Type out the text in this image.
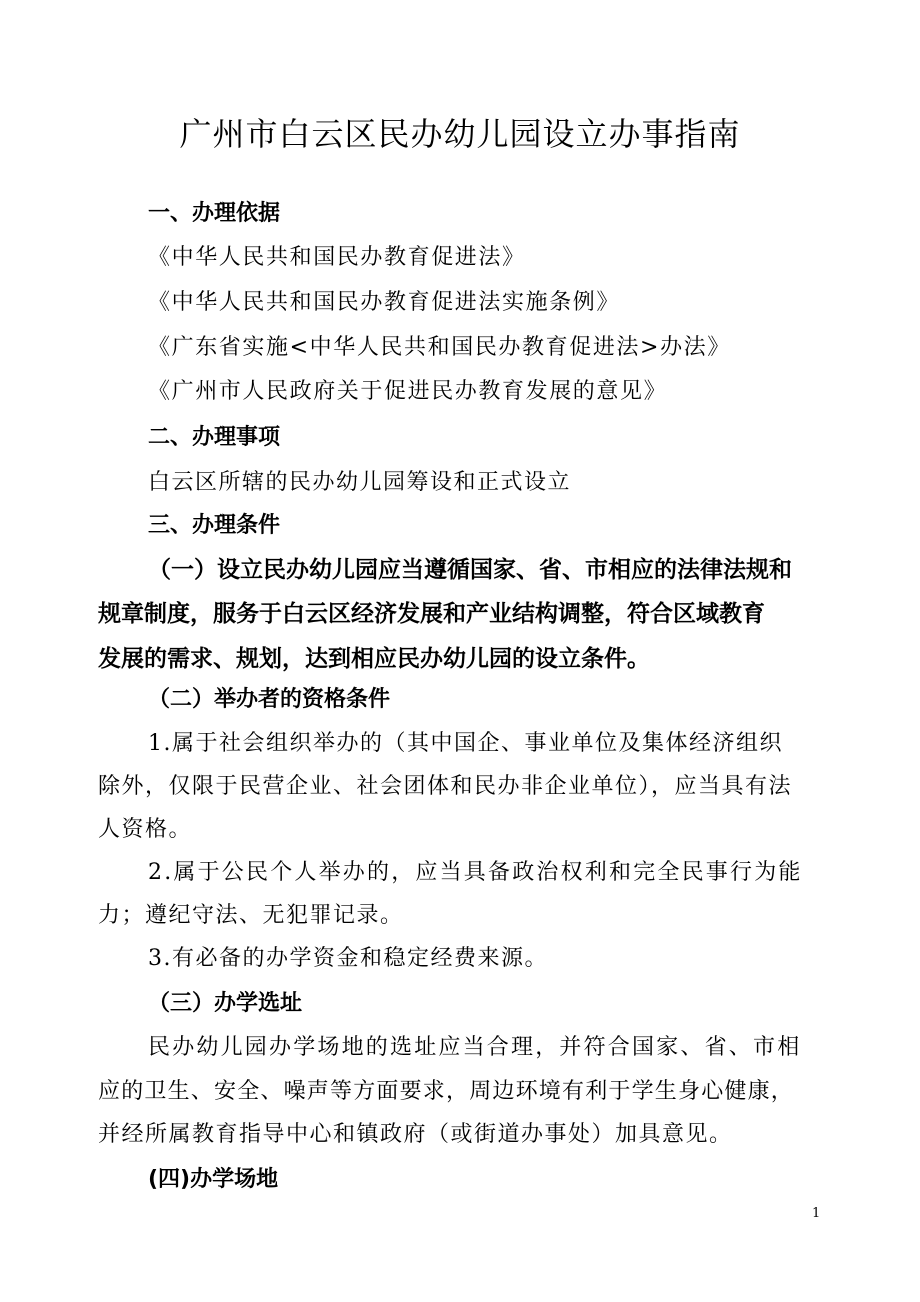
广州市白云区民办幼儿园设立办事指南
一、办理依据
《中华人民共和国民办教育促进法》
《中华人民共和国民办教育促进法实施条例》
《广东省实施<中华人民共和国民办教育促进法>办法》
《广州市人民政府关于促进民办教育发展的意见》
二、办理事项
白云区所辖的民办幼儿园筹设和正式设立
三、办理条件
（一）设立民办幼儿园应当遵循国家、省、市相应的法律法规和
规章制度，服务于白云区经济发展和产业结构调整，符合区域教育
发展的需求、规划，达到相应民办幼儿园的设立条件。
（二）举办者的资格条件
1.属于社会组织举办的（其中国企、事业单位及集体经济组织
除外，仅限于民营企业、社会团体和民办非企业单位），应当具有法
人资格。
2.属于公民个人举办的，应当具备政治权利和完全民事行为能
力；遵纪守法、无犯罪记录。
3.有必备的办学资金和稳定经费来源。
（三）办学选址
民办幼儿园办学场地的选址应当合理，并符合国家、省、市相
应的卫生、安全、噪声等方面要求，周边环境有利于学生身心健康，
并经所属教育指导中心和镇政府（或街道办事处）加具意见。
(四)办学场地
1
